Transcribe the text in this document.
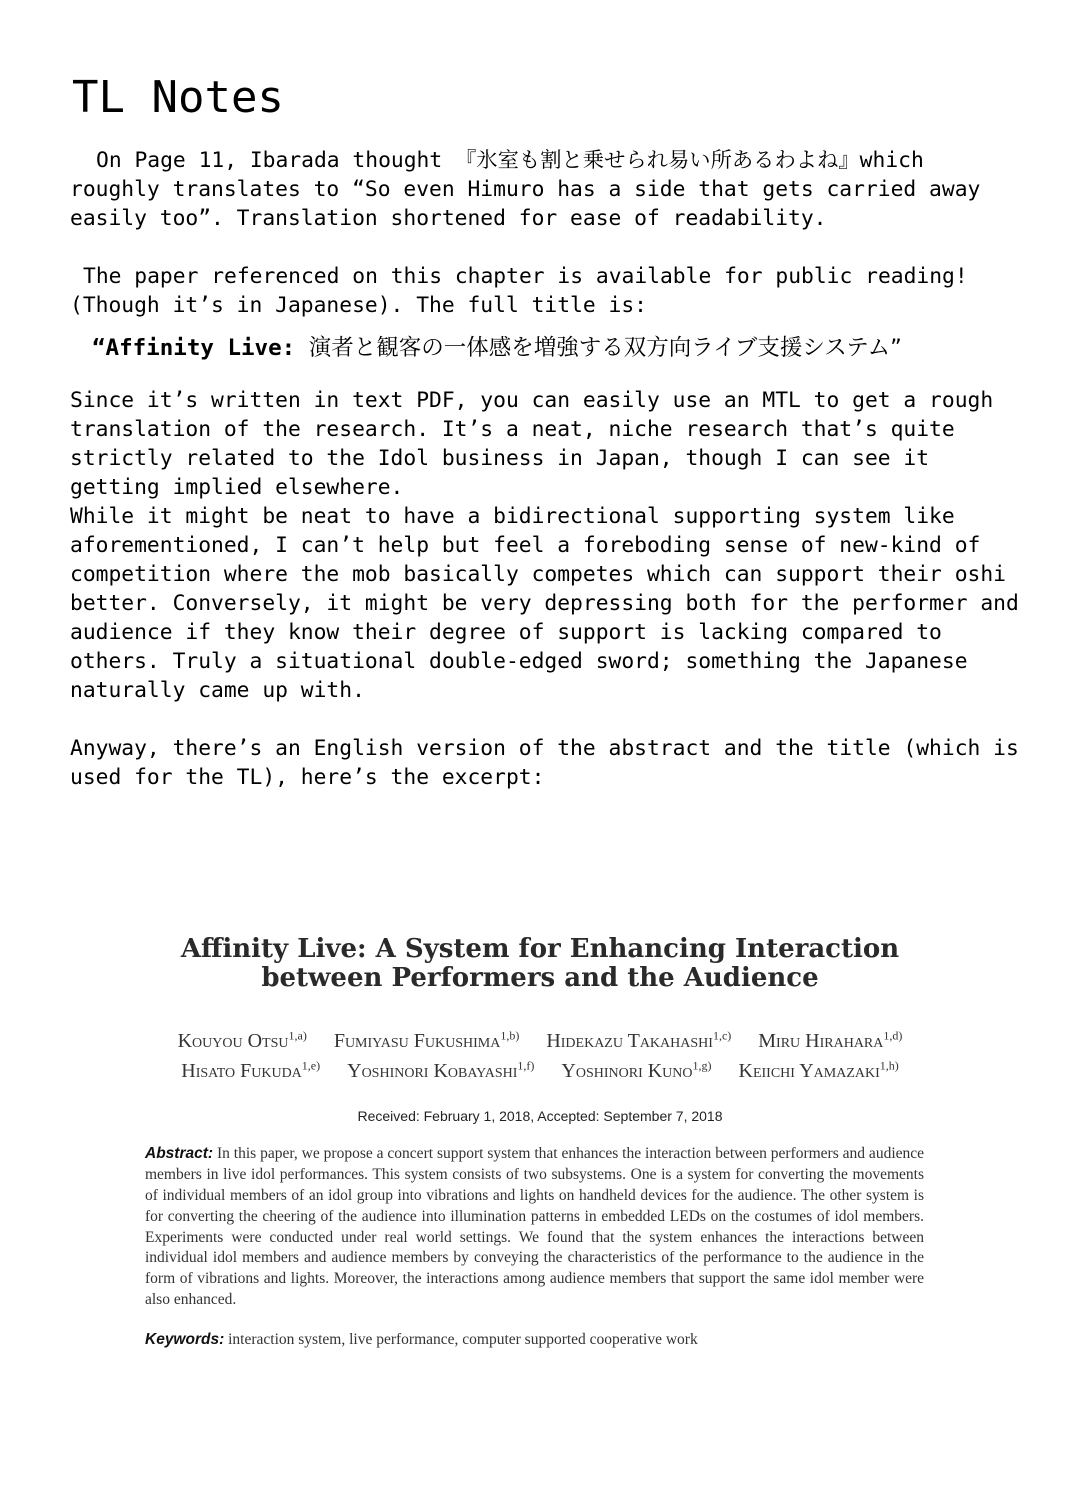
TL Notes

On Page 11, Ibarada thought 『氷室も割と乗せられ易い所あるわよね』which roughly translates to “So even Himuro has a side that gets carried away easily too”. Translation shortened for ease of readability.

The paper referenced on this chapter is available for public reading! (Though it’s in Japanese). The full title is:

“Affinity Live: 演者と観客の一体感を増強する双方向ライブ支援システム”

Since it’s written in text PDF, you can easily use an MTL to get a rough translation of the research. It’s a neat, niche research that’s quite strictly related to the Idol business in Japan, though I can see it getting implied elsewhere.

While it might be neat to have a bidirectional supporting system like aforementioned, I can’t help but feel a foreboding sense of new-kind of competition where the mob basically competes which can support their oshi better. Conversely, it might be very depressing both for the performer and audience if they know their degree of support is lacking compared to others. Truly a situational double-edged sword; something the Japanese naturally came up with.

Anyway, there’s an English version of the abstract and the title (which is used for the TL), here’s the excerpt:

Affinity Live: A System for Enhancing Interaction
between Performers and the Audience
Kouyou Otsu$^{1,a)}$ Fumiyasu Fukushima$^{1,b)}$ Hidekazu Takahashi$^{1,c)}$ Miru Hirahara$^{1,d)}$
Hisato Fukuda$^{1,e)}$ Yoshinori Kobayashi$^{1,f)}$ Yoshinori Kuno$^{1,g)}$ Keiichi Yamazaki$^{1,h)}$
Received: February 1, 2018, Accepted: September 7, 2018
Abstract: In this paper, we propose a concert support system that enhances the interaction between performers and audience members in live idol performances. This system consists of two subsystems. One is a system for converting the movements of individual members of an idol group into vibrations and lights on handheld devices for the audience. The other system is for converting the cheering of the audience into illumination patterns in embedded LEDs on the costumes of idol members. Experiments were conducted under real world settings. We found that the system enhances the interactions between individual idol members and audience members by conveying the characteristics of the performance to the audience in the form of vibrations and lights. Moreover, the interactions among audience members that support the same idol member were also enhanced.
Keywords: interaction system, live performance, computer supported cooperative work
